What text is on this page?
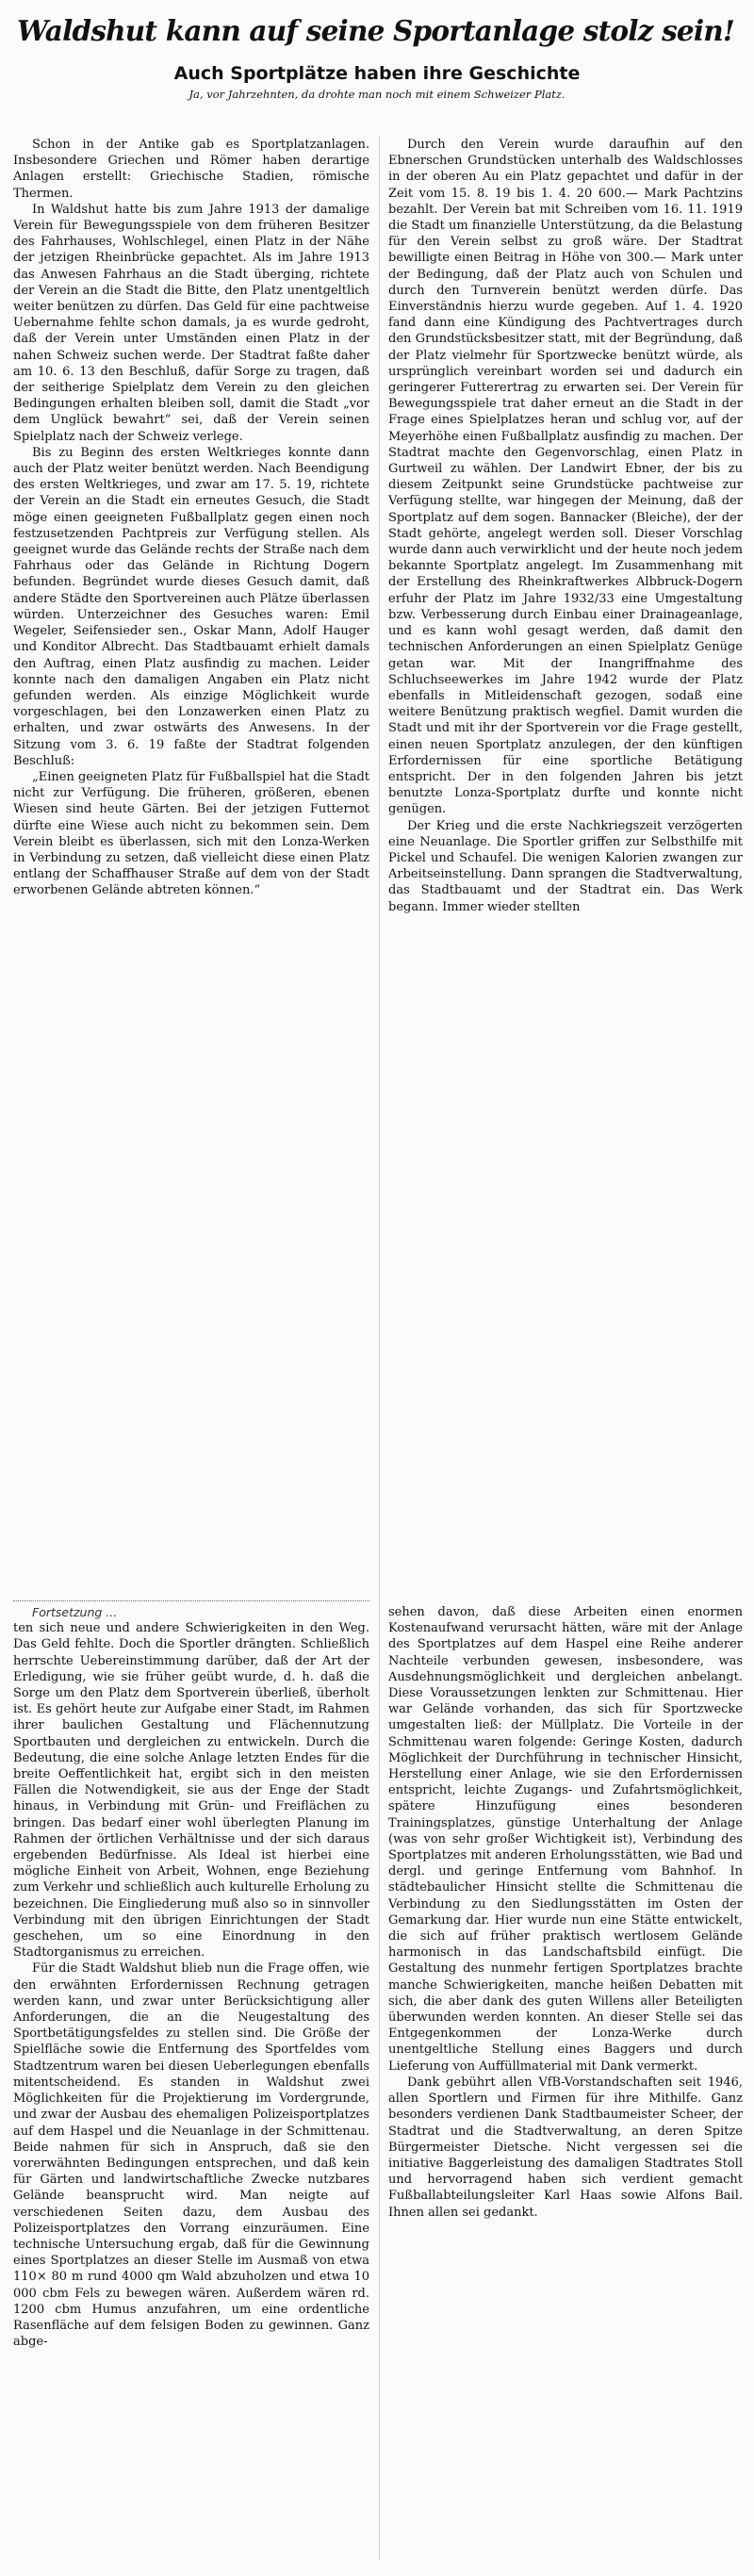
Waldshut kann auf seine Sportanlage stolz sein!
Auch Sportplätze haben ihre Geschichte
Ja, vor Jahrzehnten, da drohte man noch mit einem Schweizer Platz.

Schon in der Antike gab es Sportplatzanlagen. Insbesondere Griechen und Römer haben derartige Anlagen erstellt: Griechische Stadien, römische Thermen.

In Waldshut hatte bis zum Jahre 1913 der damalige Verein für Bewegungsspiele von dem früheren Besitzer des Fahrhauses, Wohlschlegel, einen Platz in der Nähe der jetzigen Rheinbrücke gepachtet. Als im Jahre 1913 das Anwesen Fahrhaus an die Stadt überging, richtete der Verein an die Stadt die Bitte, den Platz unentgeltlich weiter benützen zu dürfen. Das Geld für eine pachtweise Uebernahme fehlte schon damals, ja es wurde gedroht, daß der Verein unter Umständen einen Platz in der nahen Schweiz suchen werde. Der Stadtrat faßte daher am 10. 6. 13 den Beschluß, dafür Sorge zu tragen, daß der seitherige Spielplatz dem Verein zu den gleichen Bedingungen erhalten bleiben soll, damit die Stadt „vor dem Unglück bewahrt“ sei, daß der Verein seinen Spielplatz nach der Schweiz verlege.

Bis zu Beginn des ersten Weltkrieges konnte dann auch der Platz weiter benützt werden. Nach Beendigung des ersten Weltkrieges, und zwar am 17. 5. 19, richtete der Verein an die Stadt ein erneutes Gesuch, die Stadt möge einen geeigneten Fußballplatz gegen einen noch festzusetzenden Pachtpreis zur Verfügung stellen. Als geeignet wurde das Gelände rechts der Straße nach dem Fahrhaus oder das Gelände in Richtung Dogern befunden. Begründet wurde dieses Gesuch damit, daß andere Städte den Sportvereinen auch Plätze überlassen würden. Unterzeichner des Gesuches waren: Emil Wegeler, Seifensieder sen., Oskar Mann, Adolf Hauger und Konditor Albrecht. Das Stadtbauamt erhielt damals den Auftrag, einen Platz ausfindig zu machen. Leider konnte nach den damaligen Angaben ein Platz nicht gefunden werden. Als einzige Möglichkeit wurde vorgeschlagen, bei den Lonzawerken einen Platz zu erhalten, und zwar ostwärts des Anwesens. In der Sitzung vom 3. 6. 19 faßte der Stadtrat folgenden Beschluß:

„Einen geeigneten Platz für Fußballspiel hat die Stadt nicht zur Verfügung. Die früheren, größeren, ebenen Wiesen sind heute Gärten. Bei der jetzigen Futternot dürfte eine Wiese auch nicht zu bekommen sein. Dem Verein bleibt es überlassen, sich mit den Lonza-Werken in Verbindung zu setzen, daß vielleicht diese einen Platz entlang der Schaffhauser Straße auf dem von der Stadt erworbenen Gelände abtreten können.“

Durch den Verein wurde daraufhin auf den Ebnerschen Grundstücken unterhalb des Waldschlosses in der oberen Au ein Platz gepachtet und dafür in der Zeit vom 15. 8. 19 bis 1. 4. 20 600.— Mark Pachtzins bezahlt. Der Verein bat mit Schreiben vom 16. 11. 1919 die Stadt um finanzielle Unterstützung, da die Belastung für den Verein selbst zu groß wäre. Der Stadtrat bewilligte einen Beitrag in Höhe von 300.— Mark unter der Bedingung, daß der Platz auch von Schulen und durch den Turnverein benützt werden dürfe. Das Einverständnis hierzu wurde gegeben. Auf 1. 4. 1920 fand dann eine Kündigung des Pachtvertrages durch den Grundstücksbesitzer statt, mit der Begründung, daß der Platz vielmehr für Sportzwecke benützt würde, als ursprünglich vereinbart worden sei und dadurch ein geringerer Futterertrag zu erwarten sei. Der Verein für Bewegungsspiele trat daher erneut an die Stadt in der Frage eines Spielplatzes heran und schlug vor, auf der Meyerhöhe einen Fußballplatz ausfindig zu machen. Der Stadtrat machte den Gegenvorschlag, einen Platz in Gurtweil zu wählen. Der Landwirt Ebner, der bis zu diesem Zeitpunkt seine Grundstücke pachtweise zur Verfügung stellte, war hingegen der Meinung, daß der Sportplatz auf dem sogen. Bannacker (Bleiche), der der Stadt gehörte, angelegt werden soll. Dieser Vorschlag wurde dann auch verwirklicht und der heute noch jedem bekannte Sportplatz angelegt. Im Zusammenhang mit der Erstellung des Rheinkraftwerkes Albbruck-Dogern erfuhr der Platz im Jahre 1932/33 eine Umgestaltung bzw. Verbesserung durch Einbau einer Drainageanlage, und es kann wohl gesagt werden, daß damit den technischen Anforderungen an einen Spielplatz Genüge getan war. Mit der Inangriffnahme des Schluchseewerkes im Jahre 1942 wurde der Platz ebenfalls in Mitleidenschaft gezogen, sodaß eine weitere Benützung praktisch wegfiel. Damit wurden die Stadt und mit ihr der Sportverein vor die Frage gestellt, einen neuen Sportplatz anzulegen, der den künftigen Erfordernissen für eine sportliche Betätigung entspricht. Der in den folgenden Jahren bis jetzt benutzte Lonza-Sportplatz durfte und konnte nicht genügen.

Der Krieg und die erste Nachkriegszeit verzögerten eine Neuanlage. Die Sportler griffen zur Selbsthilfe mit Pickel und Schaufel. Die wenigen Kalorien zwangen zur Arbeitseinstellung. Dann sprangen die Stadtverwaltung, das Stadtbauamt und der Stadtrat ein. Das Werk begann. Immer wieder stellten

Fortsetzung ...

ten sich neue und andere Schwierigkeiten in den Weg. Das Geld fehlte. Doch die Sportler drängten. Schließlich herrschte Uebereinstimmung darüber, daß der Art der Erledigung, wie sie früher geübt wurde, d. h. daß die Sorge um den Platz dem Sportverein überließ, überholt ist. Es gehört heute zur Aufgabe einer Stadt, im Rahmen ihrer baulichen Gestaltung und Flächennutzung Sportbauten und dergleichen zu entwickeln. Durch die Bedeutung, die eine solche Anlage letzten Endes für die breite Oeffentlichkeit hat, ergibt sich in den meisten Fällen die Notwendigkeit, sie aus der Enge der Stadt hinaus, in Verbindung mit Grün- und Freiflächen zu bringen. Das bedarf einer wohl überlegten Planung im Rahmen der örtlichen Verhältnisse und der sich daraus ergebenden Bedürfnisse. Als Ideal ist hierbei eine mögliche Einheit von Arbeit, Wohnen, enge Beziehung zum Verkehr und schließlich auch kulturelle Erholung zu bezeichnen. Die Eingliederung muß also so in sinnvoller Verbindung mit den übrigen Einrichtungen der Stadt geschehen, um so eine Einordnung in den Stadtorganismus zu erreichen.

Für die Stadt Waldshut blieb nun die Frage offen, wie den erwähnten Erfordernissen Rechnung getragen werden kann, und zwar unter Berücksichtigung aller Anforderungen, die an die Neugestaltung des Sportbetätigungsfeldes zu stellen sind. Die Größe der Spielfläche sowie die Entfernung des Sportfeldes vom Stadtzentrum waren bei diesen Ueberlegungen ebenfalls mitentscheidend. Es standen in Waldshut zwei Möglichkeiten für die Projektierung im Vordergrunde, und zwar der Ausbau des ehemaligen Polizeisportplatzes auf dem Haspel und die Neuanlage in der Schmittenau. Beide nahmen für sich in Anspruch, daß sie den vorerwähnten Bedingungen entsprechen, und daß kein für Gärten und landwirtschaftliche Zwecke nutzbares Gelände beansprucht wird. Man neigte auf verschiedenen Seiten dazu, dem Ausbau des Polizeisportplatzes den Vorrang einzuräumen. Eine technische Untersuchung ergab, daß für die Gewinnung eines Sportplatzes an dieser Stelle im Ausmaß von etwa 110× 80 m rund 4000 qm Wald abzuholzen und etwa 10 000 cbm Fels zu bewegen wären. Außerdem wären rd. 1200 cbm Humus anzufahren, um eine ordentliche Rasenfläche auf dem felsigen Boden zu gewinnen. Ganz abge-

sehen davon, daß diese Arbeiten einen enormen Kostenaufwand verursacht hätten, wäre mit der Anlage des Sportplatzes auf dem Haspel eine Reihe anderer Nachteile verbunden gewesen, insbesondere, was Ausdehnungsmöglichkeit und dergleichen anbelangt. Diese Voraussetzungen lenkten zur Schmittenau. Hier war Gelände vorhanden, das sich für Sportzwecke umgestalten ließ: der Müllplatz. Die Vorteile in der Schmittenau waren folgende: Geringe Kosten, dadurch Möglichkeit der Durchführung in technischer Hinsicht, Herstellung einer Anlage, wie sie den Erfordernissen entspricht, leichte Zugangs- und Zufahrtsmöglichkeit, spätere Hinzufügung eines besonderen Trainingsplatzes, günstige Unterhaltung der Anlage (was von sehr großer Wichtigkeit ist), Verbindung des Sportplatzes mit anderen Erholungsstätten, wie Bad und dergl. und geringe Entfernung vom Bahnhof. In städtebaulicher Hinsicht stellte die Schmittenau die Verbindung zu den Siedlungsstätten im Osten der Gemarkung dar. Hier wurde nun eine Stätte entwickelt, die sich auf früher praktisch wertlosem Gelände harmonisch in das Landschaftsbild einfügt. Die Gestaltung des nunmehr fertigen Sportplatzes brachte manche Schwierigkeiten, manche heißen Debatten mit sich, die aber dank des guten Willens aller Beteiligten überwunden werden konnten. An dieser Stelle sei das Entgegenkommen der Lonza-Werke durch unentgeltliche Stellung eines Baggers und durch Lieferung von Auffüllmaterial mit Dank vermerkt.

Dank gebührt allen VfB-Vorstandschaften seit 1946, allen Sportlern und Firmen für ihre Mithilfe. Ganz besonders verdienen Dank Stadtbaumeister Scheer, der Stadtrat und die Stadtverwaltung, an deren Spitze Bürgermeister Dietsche. Nicht vergessen sei die initiative Baggerleistung des damaligen Stadtrates Stoll und hervorragend haben sich verdient gemacht Fußballabteilungsleiter Karl Haas sowie Alfons Bail. Ihnen allen sei gedankt.
